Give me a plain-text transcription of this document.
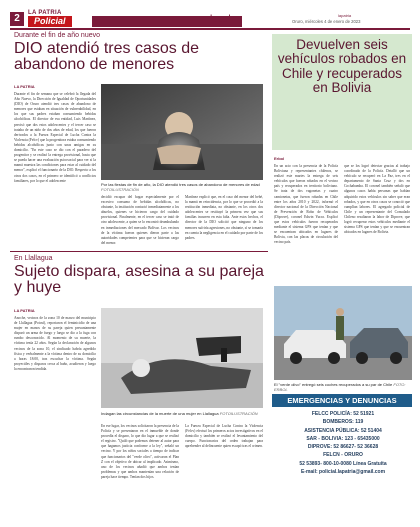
2	LA PATRIA
Policial	local	lapatria
Oruro, miércoles 4 de enero de 2023
Durante el fin de año nuevo
DIO atendió tres casos de abandono de menores
LA PATRIA
Durante el fin de semana que se celebró la llegada del Año Nuevo, la Dirección de Igualdad de Oportunidades (DIO) de Oruro atendió tres casos de abandono de menores que estaban en situación de vulnerabilidad, en los que sus padres estaban consumiendo bebidas alcohólicas. El director de esa entidad, Luis Martínez, precisó que dos estos adolescentes y el tercer caso se trataba de un niño de dos años de edad, los que fueron derivados a la Fuerza Especial de Lucha Contra la Violencia (Felcv) que la progenitora estaba consumiendo bebidas alcohólicas junto con unas amigas en su domicilio. "En este caso se dio con el paradero del progenitor y se realizó la entrega provisional, hasta que se pueda hacer una evaluación psicosocial para ver si la mamá muestra las condiciones para estar al cuidado del menor", explicó el funcionario de la DIO. Respecto a los otros dos casos, en el primero se identificó a conflictos familiares, por lo que el adolescente
Por las fiestas de fin de año, la DIO atendió tres casos de abandono de menores de edad FOTOILUSTRACIÓN
decidió escapar del hogar especialmente por el excesivo consumo de bebidas alcohólicas, no obstante, la institución contactó inmediatamente a los abuelos, quienes se hicieron cargo del cuidado provisional. Finalmente, en el tercer caso se trató de otro adolescente, a quien se lo encontró deambulando en inmediaciones del mercado Bolívar. Los vecinos de la víctima fueron quienes dieron parte a las autoridades competentes para que se hicieran cargo del menor.
Martínez explicó que, en el caso del menor del bebé, la mamá en reincidencia, por lo que se procedió a la restitución inmediata, no obstante, en los otros dos adolescentes se restituyó la primera vez que sus familias incurren en esta falta. Ante estos hechos, el director de la DIO solicitó que ninguno de los menores sufriría agresiones, no obstante, sí se tomaría en cuenta la negligencia en el cuidado por parte de los padres.
En Llallagua
Sujeto dispara, asesina a su pareja y huye
LA PATRIA
Anoche, vecinos de la zona 10 de marzo del municipio de Llallagua (Potosí), reportaron el feminicidio de una mujer en manos de su pareja quien presuntamente disparó un arma de fuego y luego se dio a la fuga con rumbo desconocido. Al momento de su muerte, la víctima tenía 22 años. Según la declaración de algunos vecinos de la zona 10, el sindicado habría agredido física y verbalmente a la víctima dentro de su domicilio a horas 18:00, tras escuchar la víctima. Según proyectiles y disparos cerca al baño, acudieron y luego la encontraron tendida.
Indagan las circunstancias de la muerte de una mujer en Llallagua FOTOILUSTRACIÓN
En ese lugar, los vecinos solicitaron la presencia de la Policía y se presentaron en el inmueble de donde procedía el disparo, lo que dio lugar a que se realizó el registro. "Quiló que podemos detener al autor para que hagamos justicia conforme a la ley", señaló un vecino. Y por los niños sociales a tiempo de indicar que funcionarios del "verde olivo", activaron el Plan Z con el objetivo de ubicar al implicado. Asimismo, uno de los vecinos añadió que ambos tenían problemas y que ambos mantenían una relación de pareja hace tiempo. Tenían dos hijos.
La Fuerza Especial de Lucha Contra la Violencia (Felcv) efectuó los primeros actos investigativos en el domicilio y también se realizó el levantamiento del cuerpo. Funcionarios del orden trabajan para aprehender al delincuente quien escapó tras el crimen.
Devuelven seis vehículos robados en Chile y recuperados en Bolivia
Erbol
En un acto con la presencia de la Policía Boliviana y representantes chilenos, se realizó este martes la entrega de seis vehículos que fueron robados en el vecino país y recuperados en territorio boliviano. Se trata de dos vagonetas y cuatro camionetas, que fueron robadas en Chile entre los años 2010 y 2022, informó el director nacional de la Dirección Nacional de Prevención de Robo de Vehículos (Diprove), coronel Edwin Yucra. Explicó que estos vehículos fueron recuperados mediante el sistema GPS que tenían y que se encuentran ubicados en lugares de Bolivia, con las placas de circulación del vecino país.
que se los logró detectar gracias al trabajo coordinado de la Policía. Detalló que un vehículo se recuperó en La Paz, tres en el departamento de Santa Cruz y dos en Cochabamba. El coronel también señaló que algunos casos había personas que habían adquirido estos vehículos sin saber que eran robados, y que en otros casos se conoció que cumplían labores. El agregado policial de Chile y un representante del Consulado Chileno resaltaron la labor de Diprove, que logró recuperar estos vehículos mediante el sistema GPS que tenían y que se encuentran ubicados en lugares de Bolivia.
El "verde olivo" entregó seis coches recuperados a su par de Chile FOTO: ERBOL
EMERGENCIAS Y DENUNCIAS
FELCC POLICÍA: 52 51921
BOMBEROS: 119
ASISTENCIA PÚBLICA: 52 51404
SAR - BOLIVIA: 123 - 65435000
DIPROVE: 52 86627- 52 36628
FELCN - ORURO
52 53893- 800-10-0080 Línea Gratuita
E-mail: policial.lapatria@gmail.com
